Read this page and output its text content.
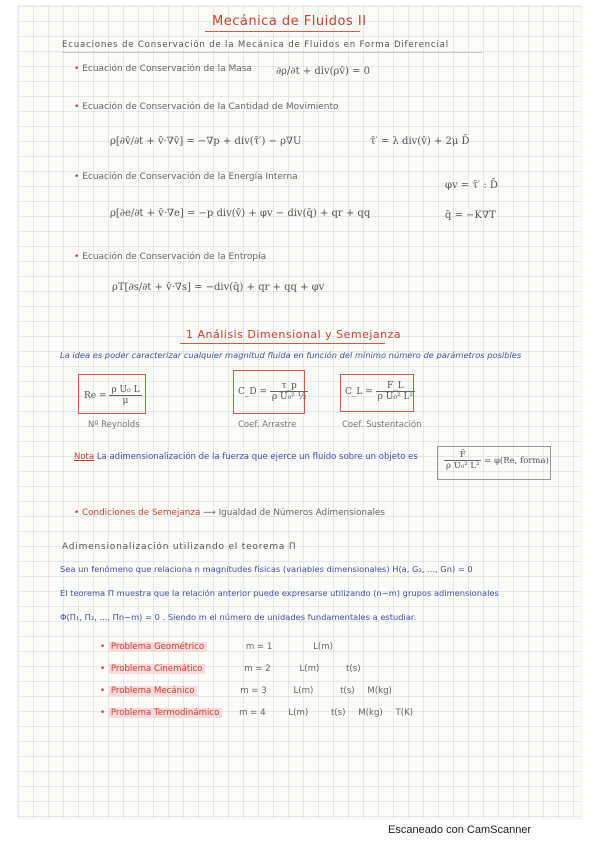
Mecánica de Fluidos II
Ecuaciones de Conservación de la Mecánica de Fluidos en Forma Diferencial
• Ecuación de Conservación de la Masa ∂ρ/∂t + div(ρv̄) = 0
• Ecuación de Conservación de la Cantidad de Movimiento
ρ[∂v̄/∂t + v̄·∇v̄] = −∇p + div(τ̄′) − ρ∇U	τ̄′ = λ div(v̄) + 2μ D̄
• Ecuación de Conservación de la Energía Interna
φv = τ̄′ : D̄
ρ[∂e/∂t + v̄·∇e] = −p div(v̄) + φv − div(q̄) + qr + qq	q̄ = −K∇T
• Ecuación de Conservación de la Entropía
ρT[∂s/∂t + v̄·∇s] = −div(q̄) + qr + qq + φv
1 Análisis Dimensional y Semejanza
La idea es poder caracterizar cualquier magnitud fluida en función del mínimo número de parámetros posibles
$Re = \frac{\text{ρ U₀ L}}{\mu}$
Nº Reynolds
C_D = $\frac{\tau\_p}{\text{ρ U₀² ½}}$
Coef. Arrastre
C_L = $\frac{F\_L}{\text{ρ U₀² L²}}$
Coef. Sustentación
Nota La adimensionalización de la fuerza que ejerce un fluido sobre un objeto es	$\frac{F̄}{\text{ρ U₀² L²}} = \varphi(Re$, forma)
• Condiciones de Semejanza ⟶ Igualdad de Números Adimensionales
Adimensionalización utilizando el teorema Π
Sea un fenómeno que relaciona n magnitudes físicas (variables dimensionales) H(a, G₂, ..., Gn) = 0
El teorema Π muestra que la relación anterior puede expresarse utilizando (n−m) grupos adimensionales
Φ(Π₁, Π₂, ..., Πn−m) = 0 . Siendo m el número de unidades fundamentales a estudiar.
• Problema Geométrico	m = 1	L(m)
• Problema Cinemático	m = 2	L(m)	t(s)
• Problema Mecánico	m = 3	L(m)	t(s) M(kg)
• Problema Termodinámico m = 4	L(m)	t(s) M(kg) T(K)
Escaneado con CamScanner
